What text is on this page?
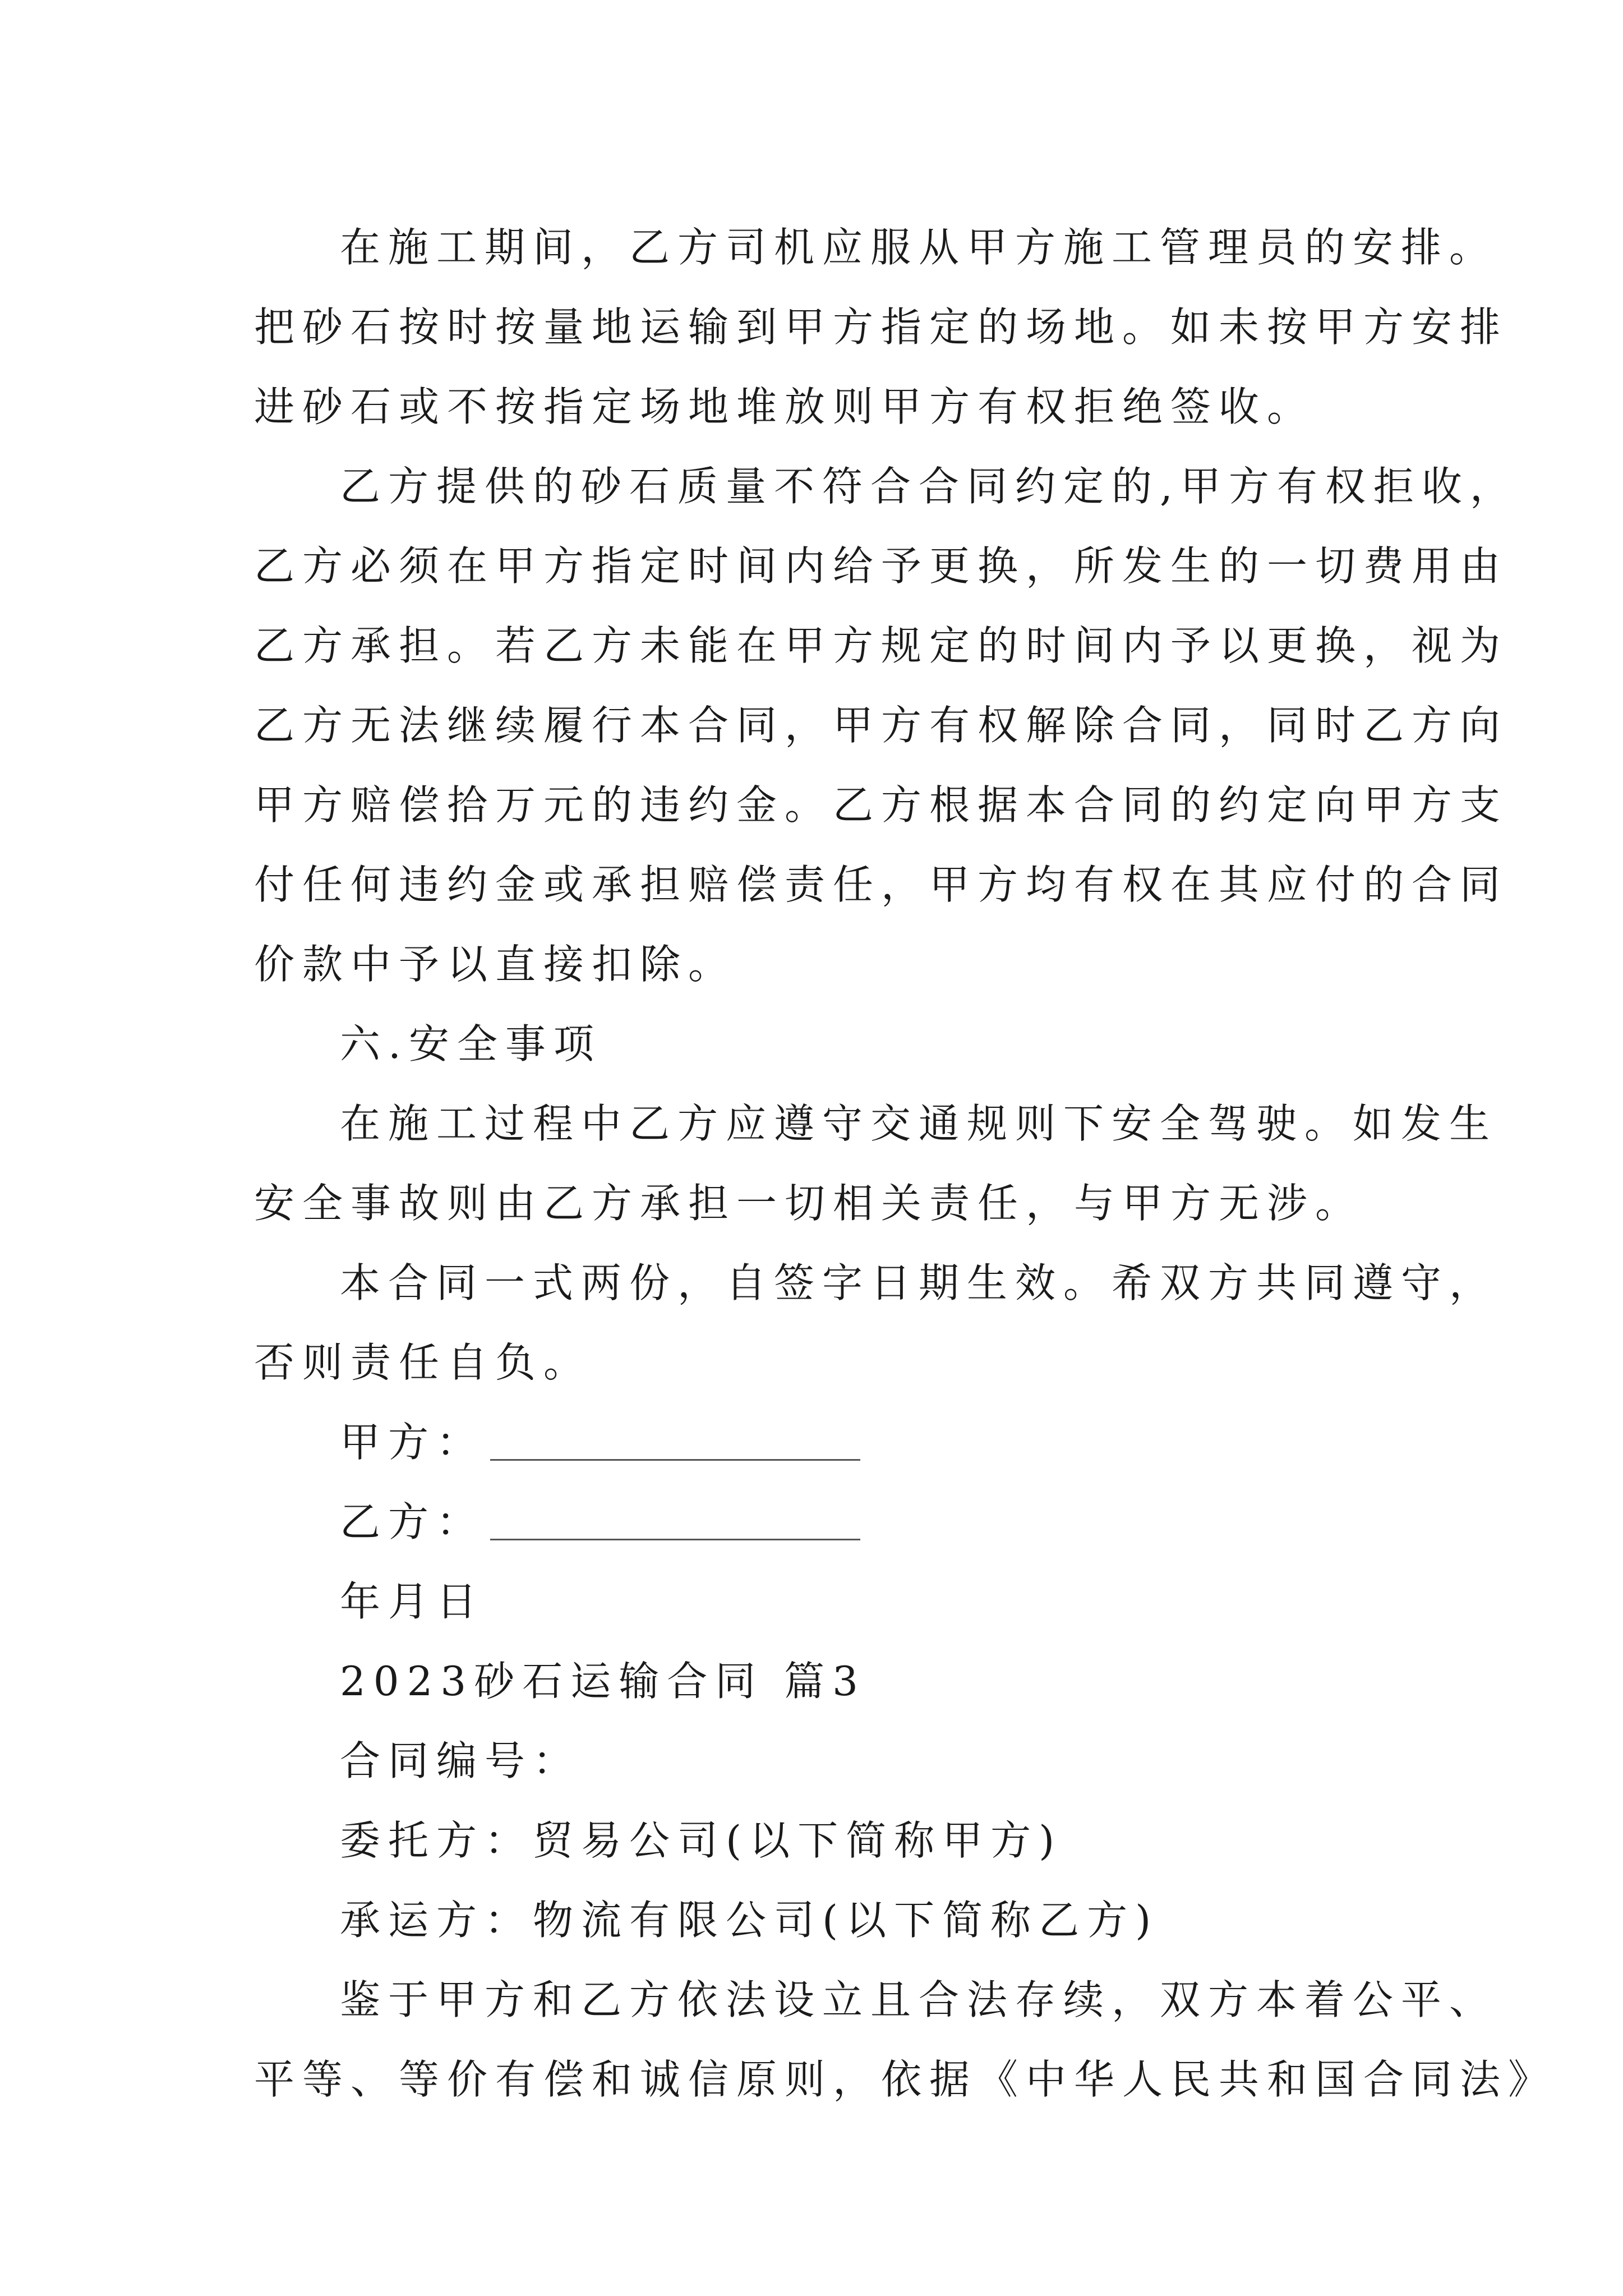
在施工期间，乙方司机应服从甲方施工管理员的安排。
把砂石按时按量地运输到甲方指定的场地。如未按甲方安排
进砂石或不按指定场地堆放则甲方有权拒绝签收。
乙方提供的砂石质量不符合合同约定的,甲方有权拒收，
乙方必须在甲方指定时间内给予更换，所发生的一切费用由
乙方承担。若乙方未能在甲方规定的时间内予以更换，视为
乙方无法继续履行本合同，甲方有权解除合同，同时乙方向
甲方赔偿拾万元的违约金。乙方根据本合同的约定向甲方支
付任何违约金或承担赔偿责任，甲方均有权在其应付的合同
价款中予以直接扣除。
六.安全事项
在施工过程中乙方应遵守交通规则下安全驾驶。如发生
安全事故则由乙方承担一切相关责任，与甲方无涉。
本合同一式两份，自签字日期生效。希双方共同遵守，
否则责任自负。
甲方：
乙方：
年月日
2023砂石运输合同 篇3
合同编号：
委托方：贸易公司(以下简称甲方)
承运方：物流有限公司(以下简称乙方)
鉴于甲方和乙方依法设立且合法存续，双方本着公平、
平等、等价有偿和诚信原则，依据《中华人民共和国合同法》
